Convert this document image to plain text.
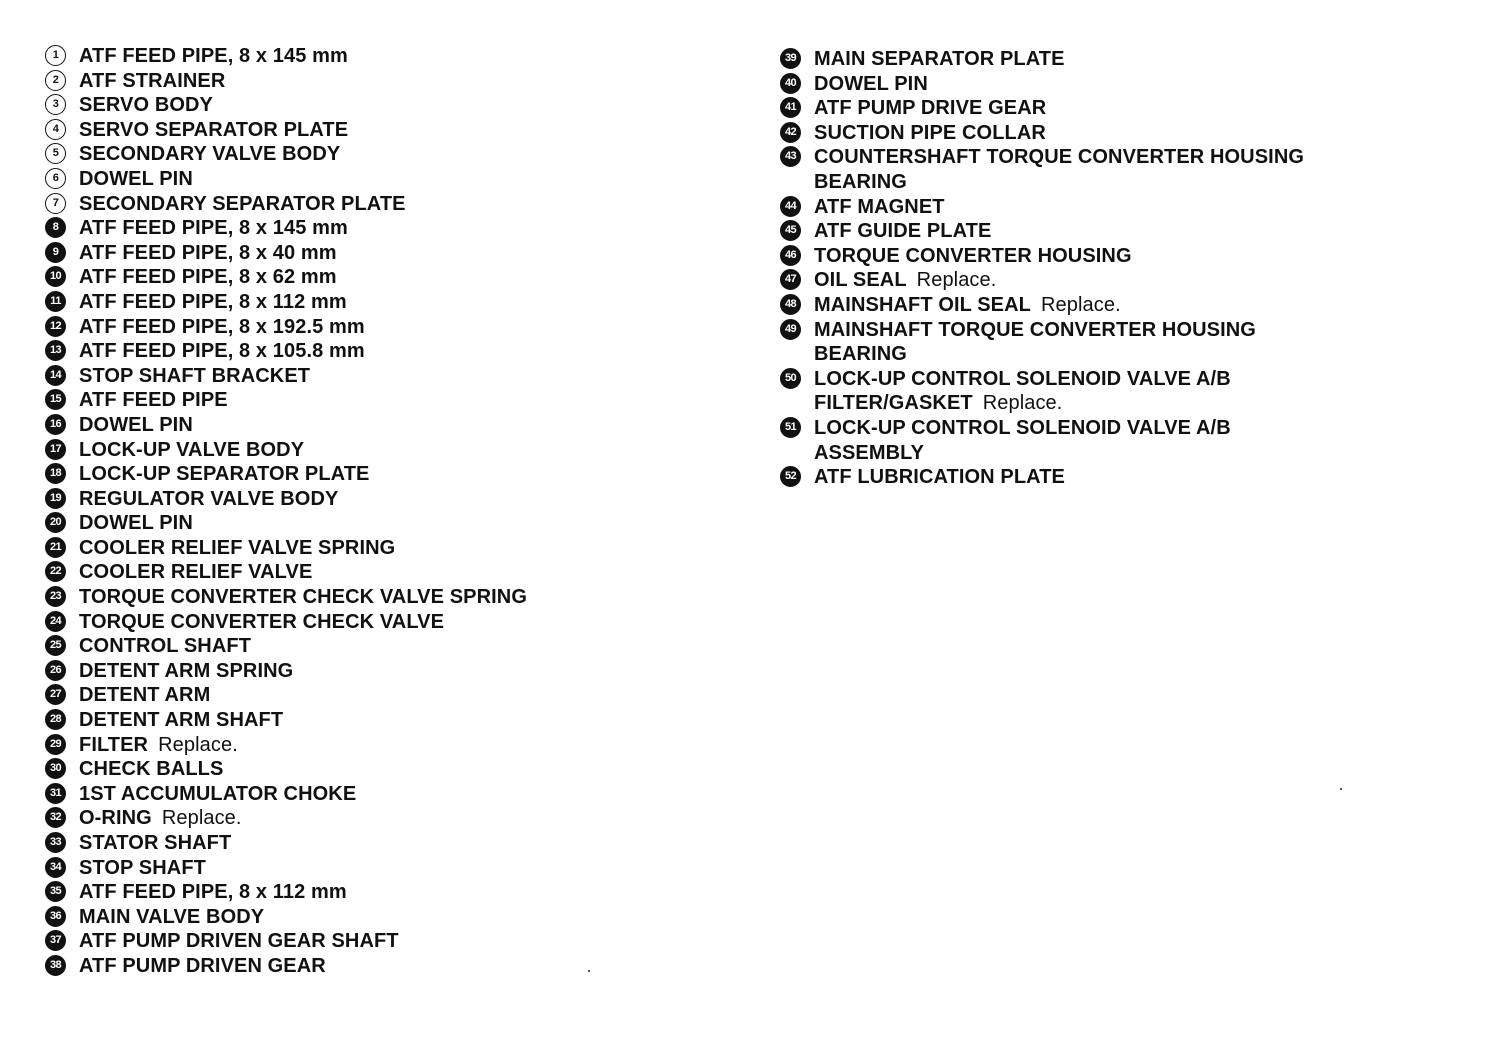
1	ATF FEED PIPE, 8 x 145 mm
2	ATF STRAINER
3	SERVO BODY
4	SERVO SEPARATOR PLATE
5	SECONDARY VALVE BODY
6	DOWEL PIN
7	SECONDARY SEPARATOR PLATE
8	ATF FEED PIPE, 8 x 145 mm
9	ATF FEED PIPE, 8 x 40 mm
10 ATF FEED PIPE, 8 x 62 mm
11 ATF FEED PIPE, 8 x 112 mm
12 ATF FEED PIPE, 8 x 192.5 mm
13 ATF FEED PIPE, 8 x 105.8 mm
14 STOP SHAFT BRACKET
15 ATF FEED PIPE
16 DOWEL PIN
17 LOCK-UP VALVE BODY
18 LOCK-UP SEPARATOR PLATE
19 REGULATOR VALVE BODY
20 DOWEL PIN
21 COOLER RELIEF VALVE SPRING
22 COOLER RELIEF VALVE
23 TORQUE CONVERTER CHECK VALVE SPRING
24 TORQUE CONVERTER CHECK VALVE
25 CONTROL SHAFT
26 DETENT ARM SPRING
27 DETENT ARM
28 DETENT ARM SHAFT
29 FILTER Replace.
30 CHECK BALLS
31 1ST ACCUMULATOR CHOKE
32 O-RING Replace.
33 STATOR SHAFT
34 STOP SHAFT
35 ATF FEED PIPE, 8 x 112 mm
36 MAIN VALVE BODY
37 ATF PUMP DRIVEN GEAR SHAFT
38 ATF PUMP DRIVEN GEAR
39 MAIN SEPARATOR PLATE
40 DOWEL PIN
41 ATF PUMP DRIVE GEAR
42 SUCTION PIPE COLLAR
43 COUNTERSHAFT TORQUE CONVERTER HOUSING
BEARING
44 ATF MAGNET
45 ATF GUIDE PLATE
46 TORQUE CONVERTER HOUSING
47 OIL SEAL Replace.
48 MAINSHAFT OIL SEAL Replace.
49 MAINSHAFT TORQUE CONVERTER HOUSING
BEARING
50 LOCK-UP CONTROL SOLENOID VALVE A/B
FILTER/GASKET Replace.
51 LOCK-UP CONTROL SOLENOID VALVE A/B
ASSEMBLY
52 ATF LUBRICATION PLATE
